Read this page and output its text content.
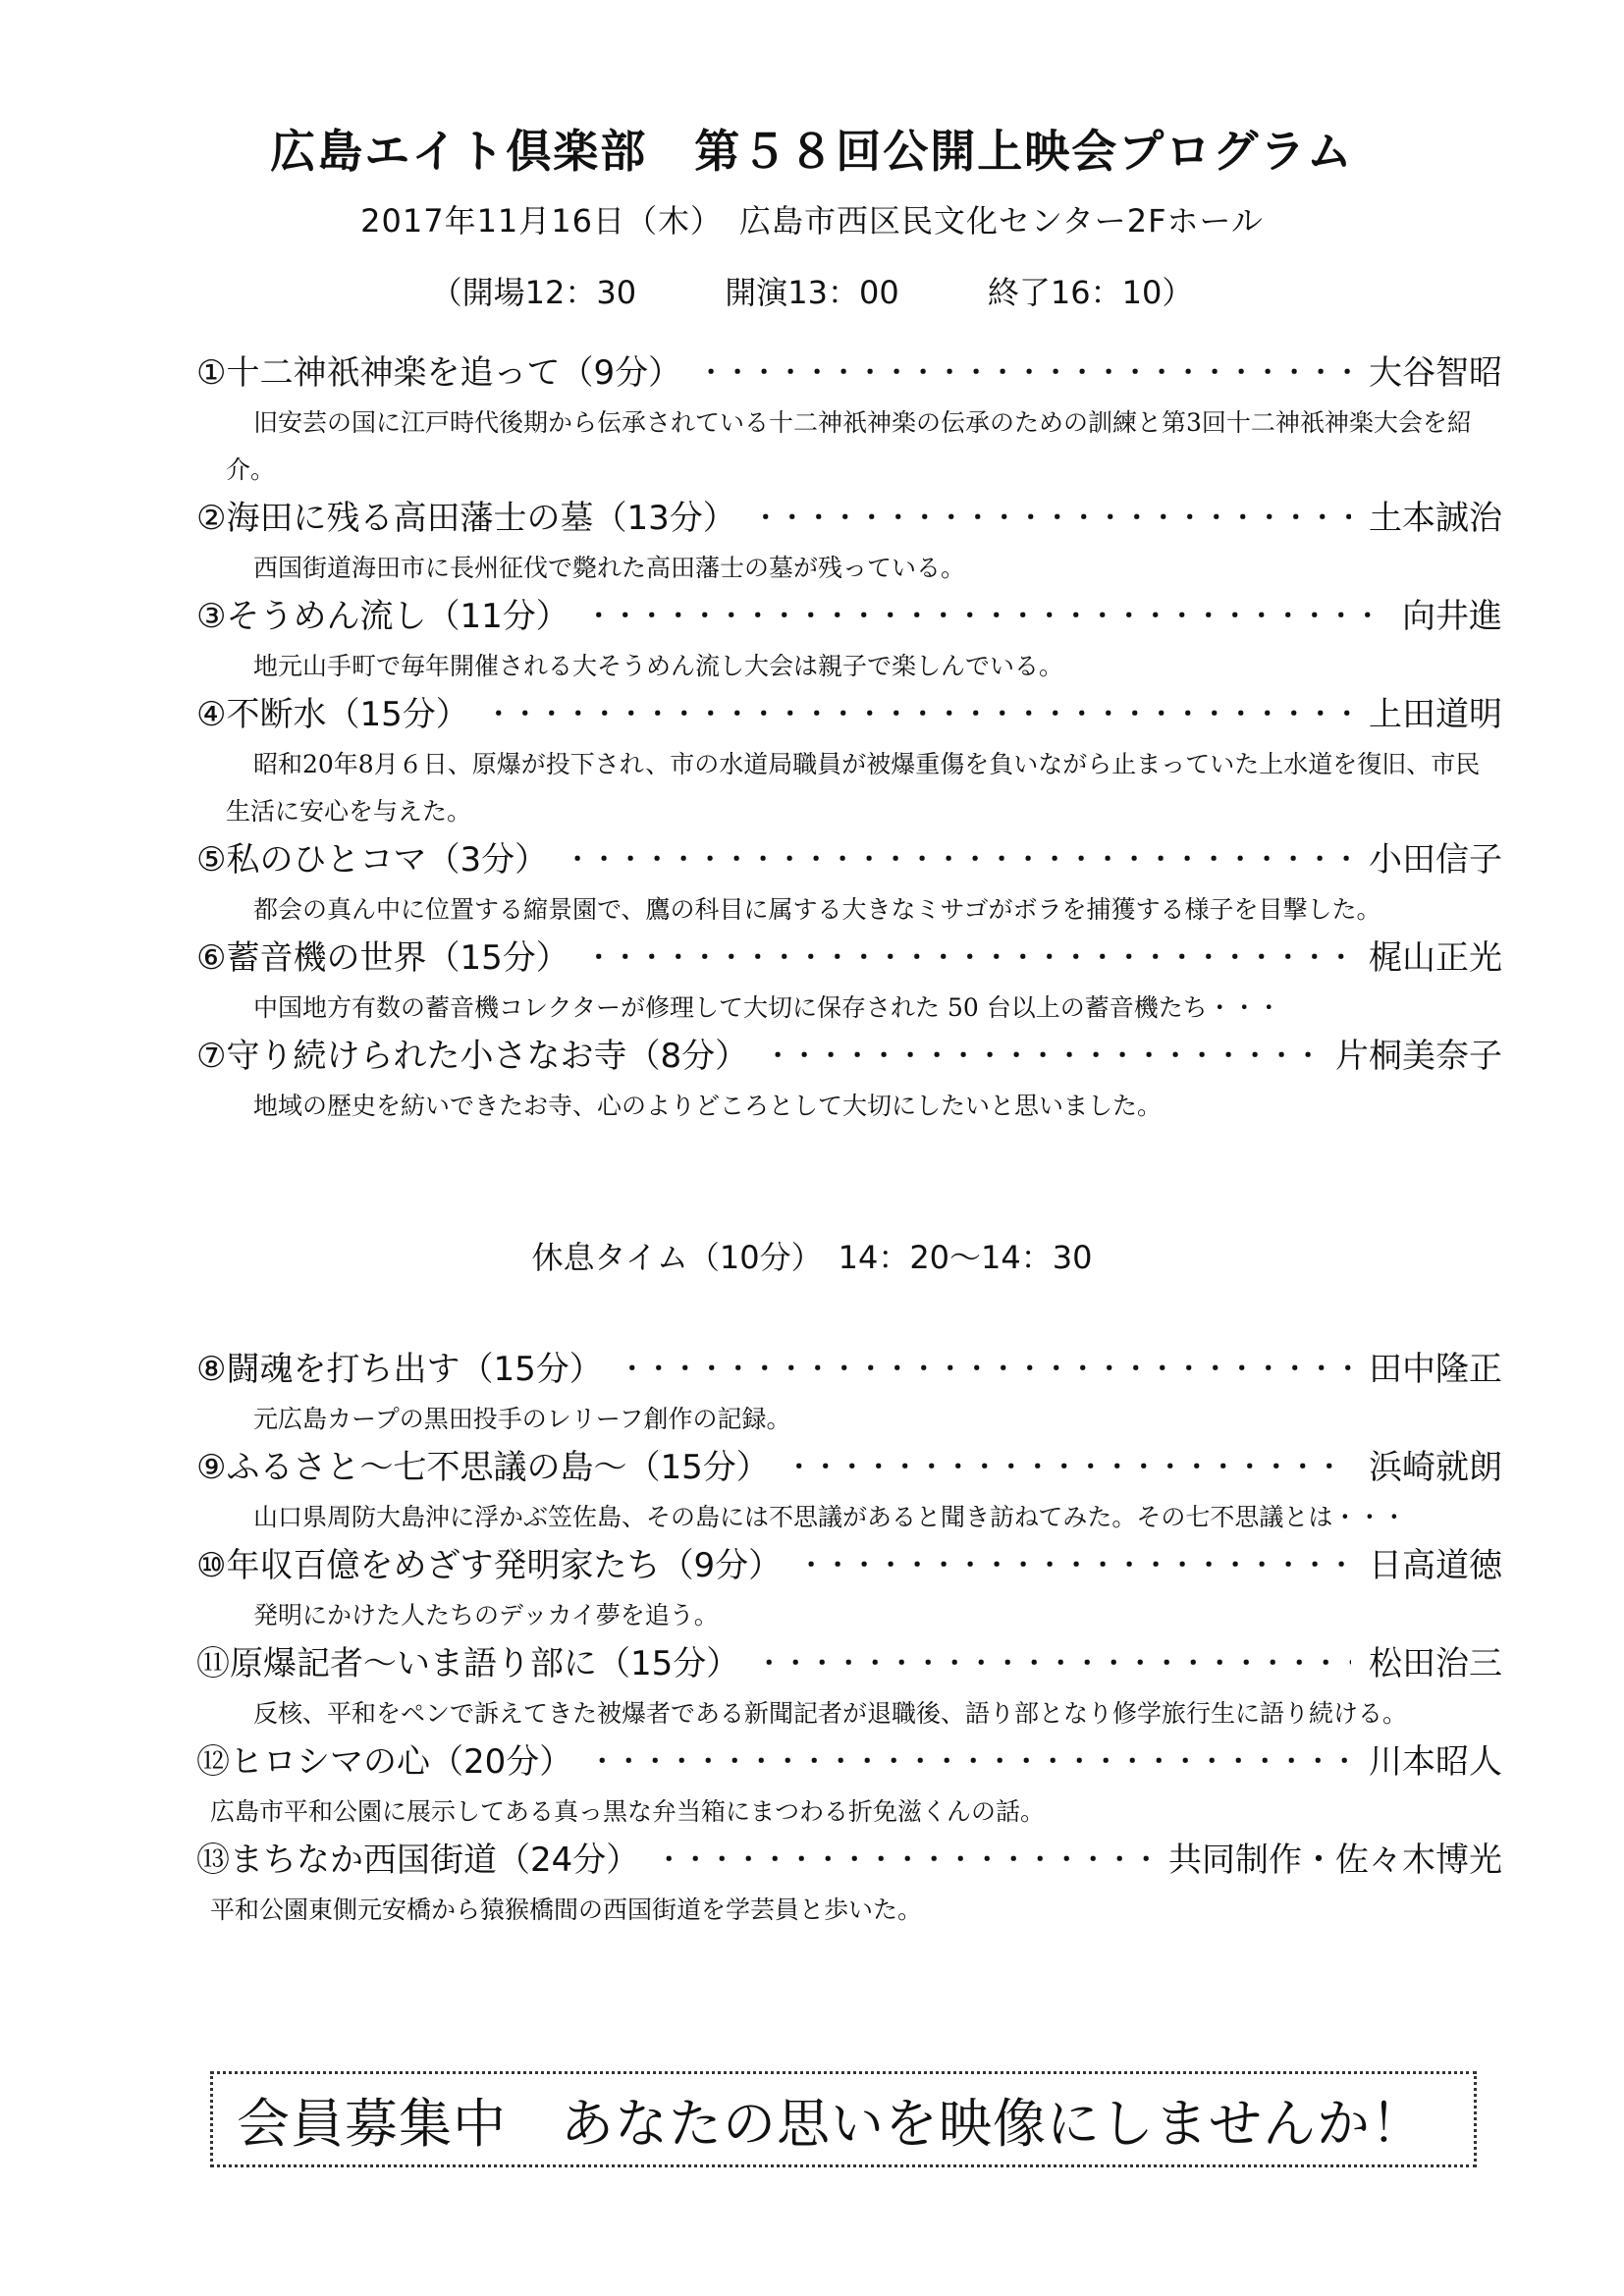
広島エイト倶楽部　第５８回公開上映会プログラム
2017年11月16日（木）　広島市西区民文化センター2Fホール
（開場12：30	開演13：00	終了16：10）
①十二神祇神楽を追って（9分） ・・・・・・・・・・・・・・・・・・・・・・・・・・・・・・・・・・・・・・・・・・・・・・・・・・・・・・・・・・・・・・・・・・・・・・・・・・・・	大谷智昭
旧安芸の国に江戸時代後期から伝承されている十二神祇神楽の伝承のための訓練と第3回十二神祇神楽大会を紹介。
②海田に残る高田藩士の墓（13分） ・・・・・・・・・・・・・・・・・・・・・・・・・・・・・・・・・・・・・・・・・・・・・・・・・・・・・・・・・・・・・・・・・・・・・・・・・・・・	土本誠治
西国街道海田市に長州征伐で斃れた高田藩士の墓が残っている。
③そうめん流し（11分） ・・・・・・・・・・・・・・・・・・・・・・・・・・・・・・・・・・・・・・・・・・・・・・・・・・・・・・・・・・・・・・・・・・・・・・・・・・・・	向井進
地元山手町で毎年開催される大そうめん流し大会は親子で楽しんでいる。
④不断水（15分） ・・・・・・・・・・・・・・・・・・・・・・・・・・・・・・・・・・・・・・・・・・・・・・・・・・・・・・・・・・・・・・・・・・・・・・・・・・・・	上田道明
昭和20年8月６日、原爆が投下され、市の水道局職員が被爆重傷を負いながら止まっていた上水道を復旧、市民生活に安心を与えた。
⑤私のひとコマ（3分） ・・・・・・・・・・・・・・・・・・・・・・・・・・・・・・・・・・・・・・・・・・・・・・・・・・・・・・・・・・・・・・・・・・・・・・・・・・・・	小田信子
都会の真ん中に位置する縮景園で、鷹の科目に属する大きなミサゴがボラを捕獲する様子を目撃した。
⑥蓄音機の世界（15分） ・・・・・・・・・・・・・・・・・・・・・・・・・・・・・・・・・・・・・・・・・・・・・・・・・・・・・・・・・・・・・・・・・・・・・・・・・・・・	梶山正光
中国地方有数の蓄音機コレクターが修理して大切に保存された 50 台以上の蓄音機たち・・・
⑦守り続けられた小さなお寺（8分） ・・・・・・・・・・・・・・・・・・・・・・・・・・・・・・・・・・・・・・・・・・・・・・・・・・・・・・・・・・・・・・・・・・・・・・・・・・・・	片桐美奈子
地域の歴史を紡いできたお寺、心のよりどころとして大切にしたいと思いました。
休息タイム（10分）　14：20～14：30
⑧闘魂を打ち出す（15分） ・・・・・・・・・・・・・・・・・・・・・・・・・・・・・・・・・・・・・・・・・・・・・・・・・・・・・・・・・・・・・・・・・・・・・・・・・・・・	田中隆正
元広島カープの黒田投手のレリーフ創作の記録。
⑨ふるさと～七不思議の島～（15分） ・・・・・・・・・・・・・・・・・・・・・・・・・・・・・・・・・・・・・・・・・・・・・・・・・・・・・・・・・・・・・・・・・・・・・・・・・・・・	浜崎就朗
山口県周防大島沖に浮かぶ笠佐島、その島には不思議があると聞き訪ねてみた。その七不思議とは・・・
⑩年収百億をめざす発明家たち（9分） ・・・・・・・・・・・・・・・・・・・・・・・・・・・・・・・・・・・・・・・・・・・・・・・・・・・・・・・・・・・・・・・・・・・・・・・・・・・・	日高道徳
発明にかけた人たちのデッカイ夢を追う。
⑪原爆記者～いま語り部に（15分） ・・・・・・・・・・・・・・・・・・・・・・・・・・・・・・・・・・・・・・・・・・・・・・・・・・・・・・・・・・・・・・・・・・・・・・・・・・・・	松田治三
反核、平和をペンで訴えてきた被爆者である新聞記者が退職後、語り部となり修学旅行生に語り続ける。
⑫ヒロシマの心（20分） ・・・・・・・・・・・・・・・・・・・・・・・・・・・・・・・・・・・・・・・・・・・・・・・・・・・・・・・・・・・・・・・・・・・・・・・・・・・・	川本昭人
広島市平和公園に展示してある真っ黒な弁当箱にまつわる折免滋くんの話。
⑬まちなか西国街道（24分） ・・・・・・・・・・・・・・・・・・・・・・・・・・・・・・・・・・・・・・・・・・・・・・・・・・・・・・・・・・・・・・・・・・・・・・・・・・・・	共同制作・佐々木博光
平和公園東側元安橋から猿猴橋間の西国街道を学芸員と歩いた。
会員募集中　あなたの思いを映像にしませんか！
